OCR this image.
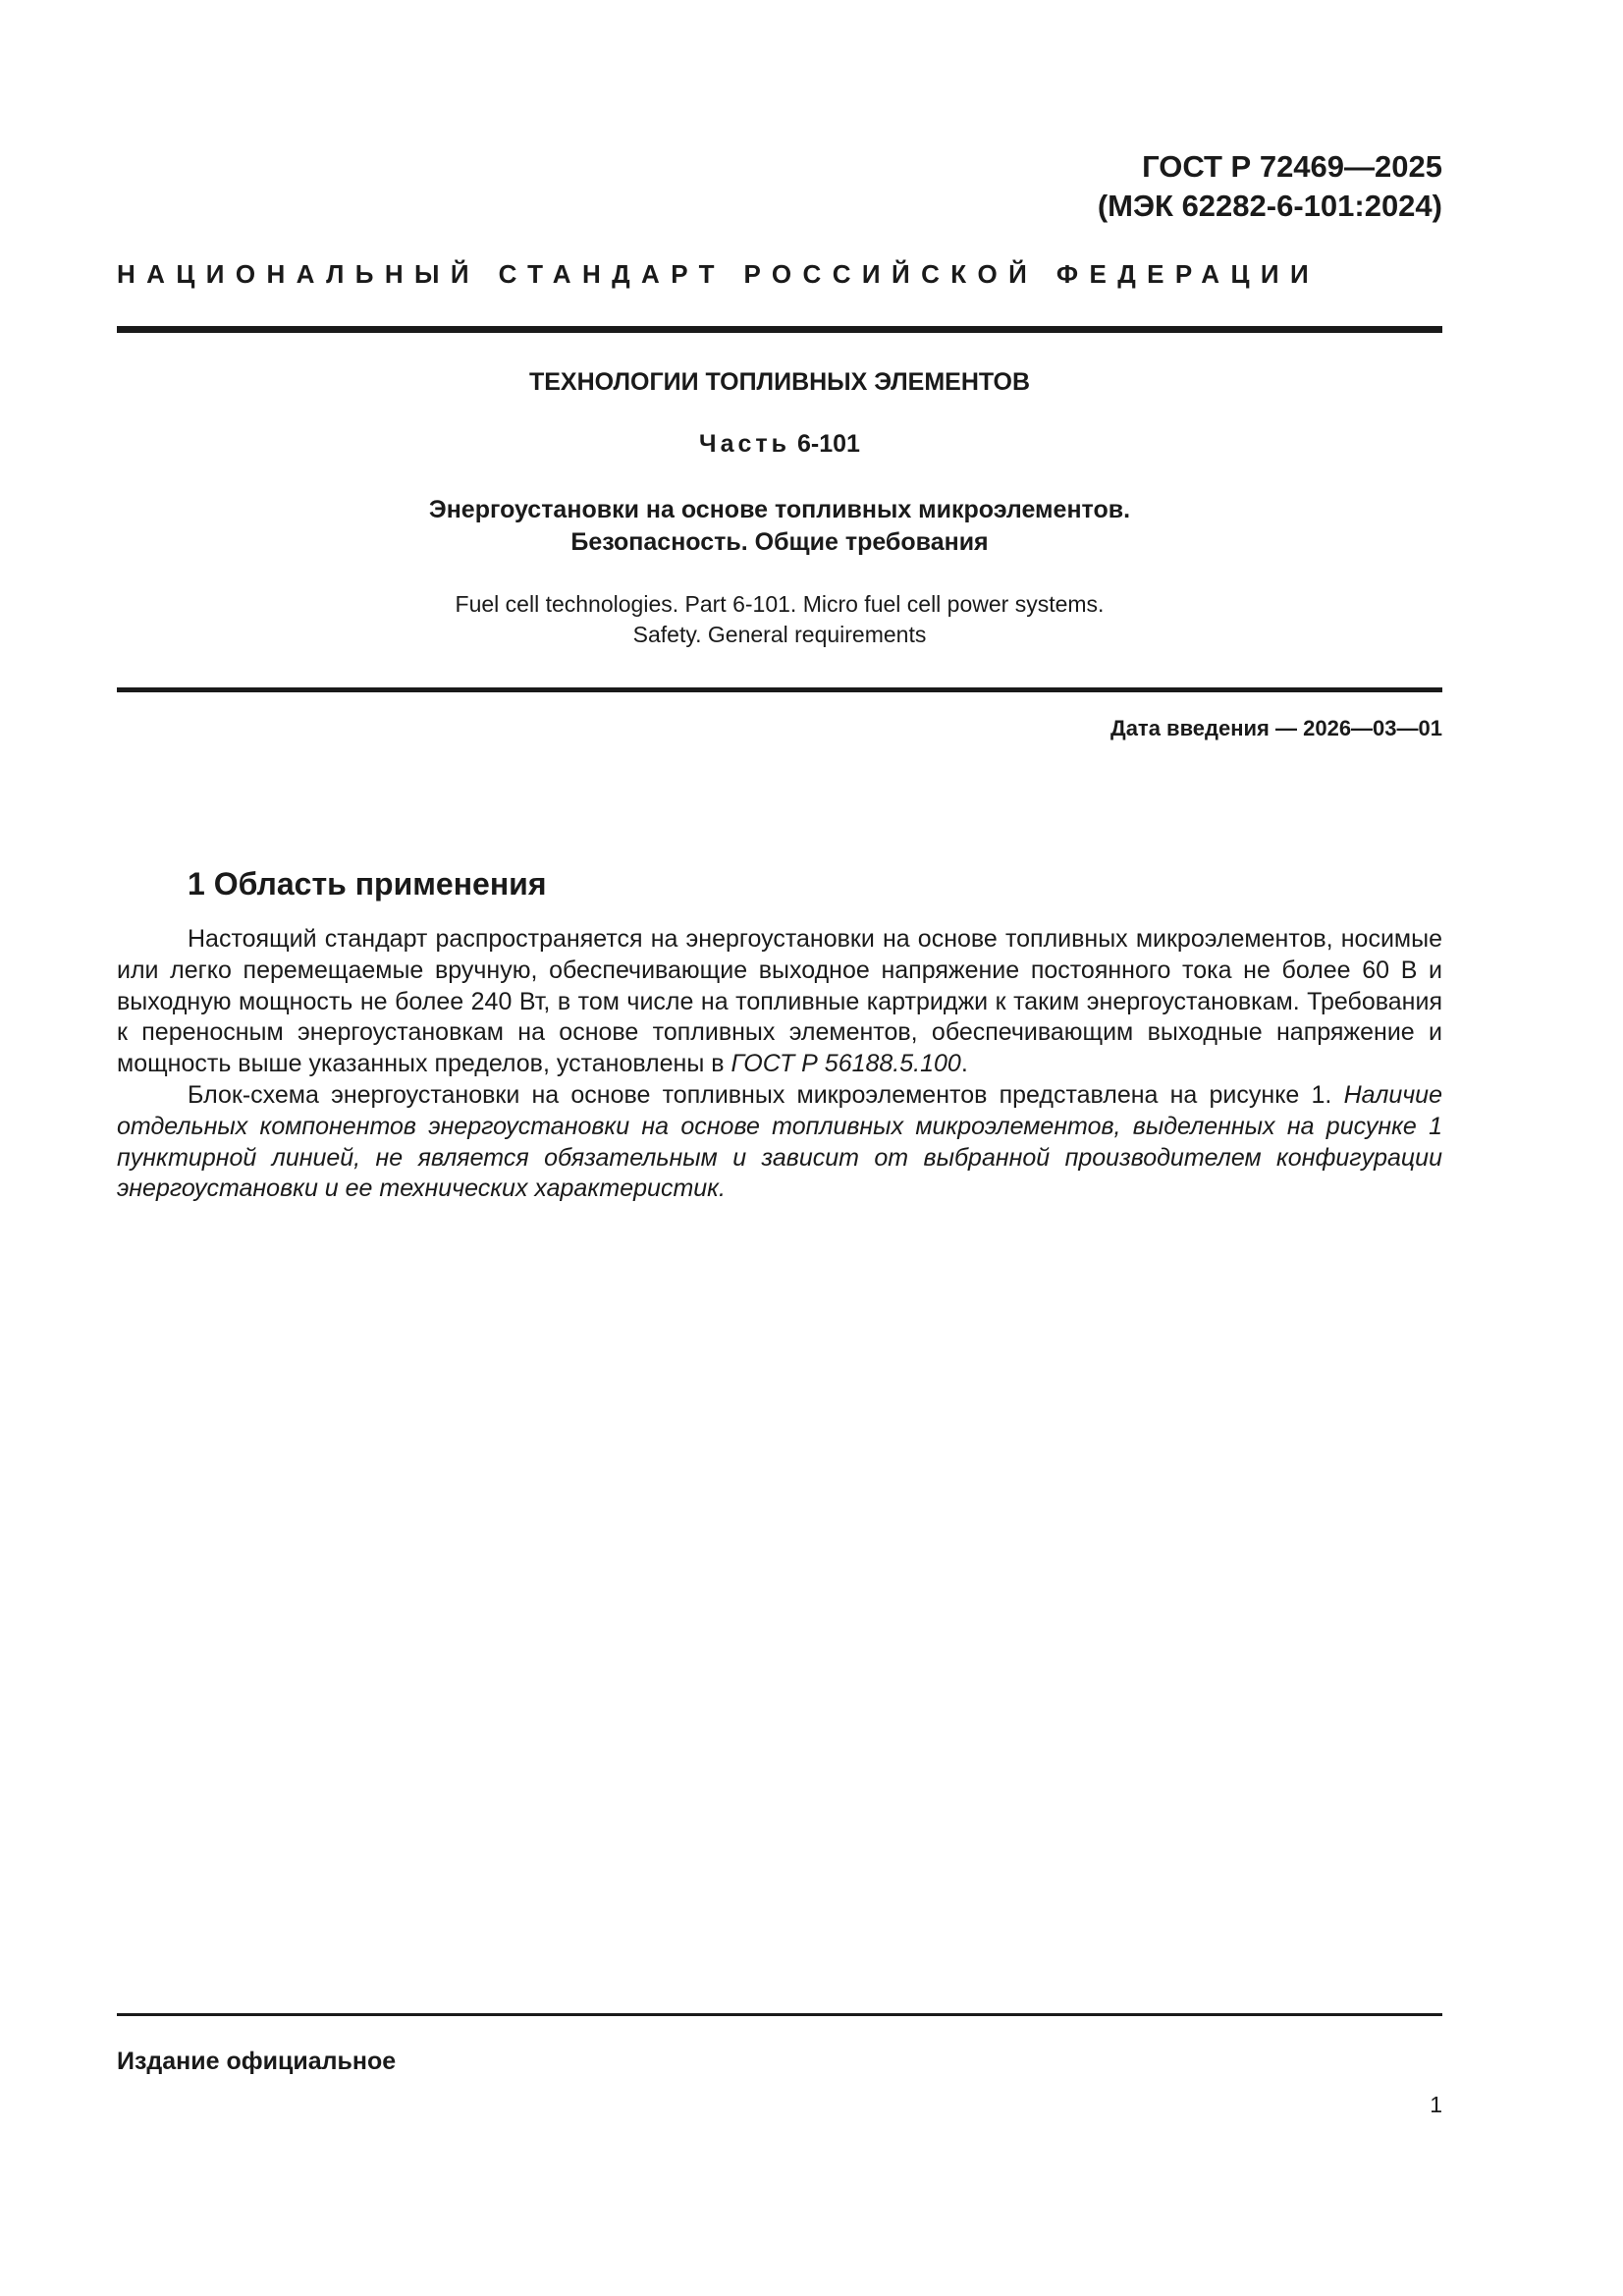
ГОСТ Р 72469—2025
(МЭК 62282-6-101:2024)
НАЦИОНАЛЬНЫЙ СТАНДАРТ РОССИЙСКОЙ ФЕДЕРАЦИИ
ТЕХНОЛОГИИ ТОПЛИВНЫХ ЭЛЕМЕНТОВ
Часть 6-101
Энергоустановки на основе топливных микроэлементов.
Безопасность. Общие требования
Fuel cell technologies. Part 6-101. Micro fuel cell power systems.
Safety. General requirements
Дата введения — 2026—03—01
1 Область применения

Настоящий стандарт распространяется на энергоустановки на основе топливных микроэлементов, носимые или легко перемещаемые вручную, обеспечивающие выходное напряжение постоянного тока не более 60 В и выходную мощность не более 240 Вт, в том числе на топливные картриджи к таким энергоустановкам. Требования к переносным энергоустановкам на основе топливных элементов, обеспечивающим выходные напряжение и мощность выше указанных пределов, установлены в ГОСТ Р 56188.5.100.

Блок-схема энергоустановки на основе топливных микроэлементов представлена на рисунке 1. Наличие отдельных компонентов энергоустановки на основе топливных микроэлементов, выделенных на рисунке 1 пунктирной линией, не является обязательным и зависит от выбранной производителем конфигурации энергоустановки и ее технических характеристик.

Издание официальное
1
